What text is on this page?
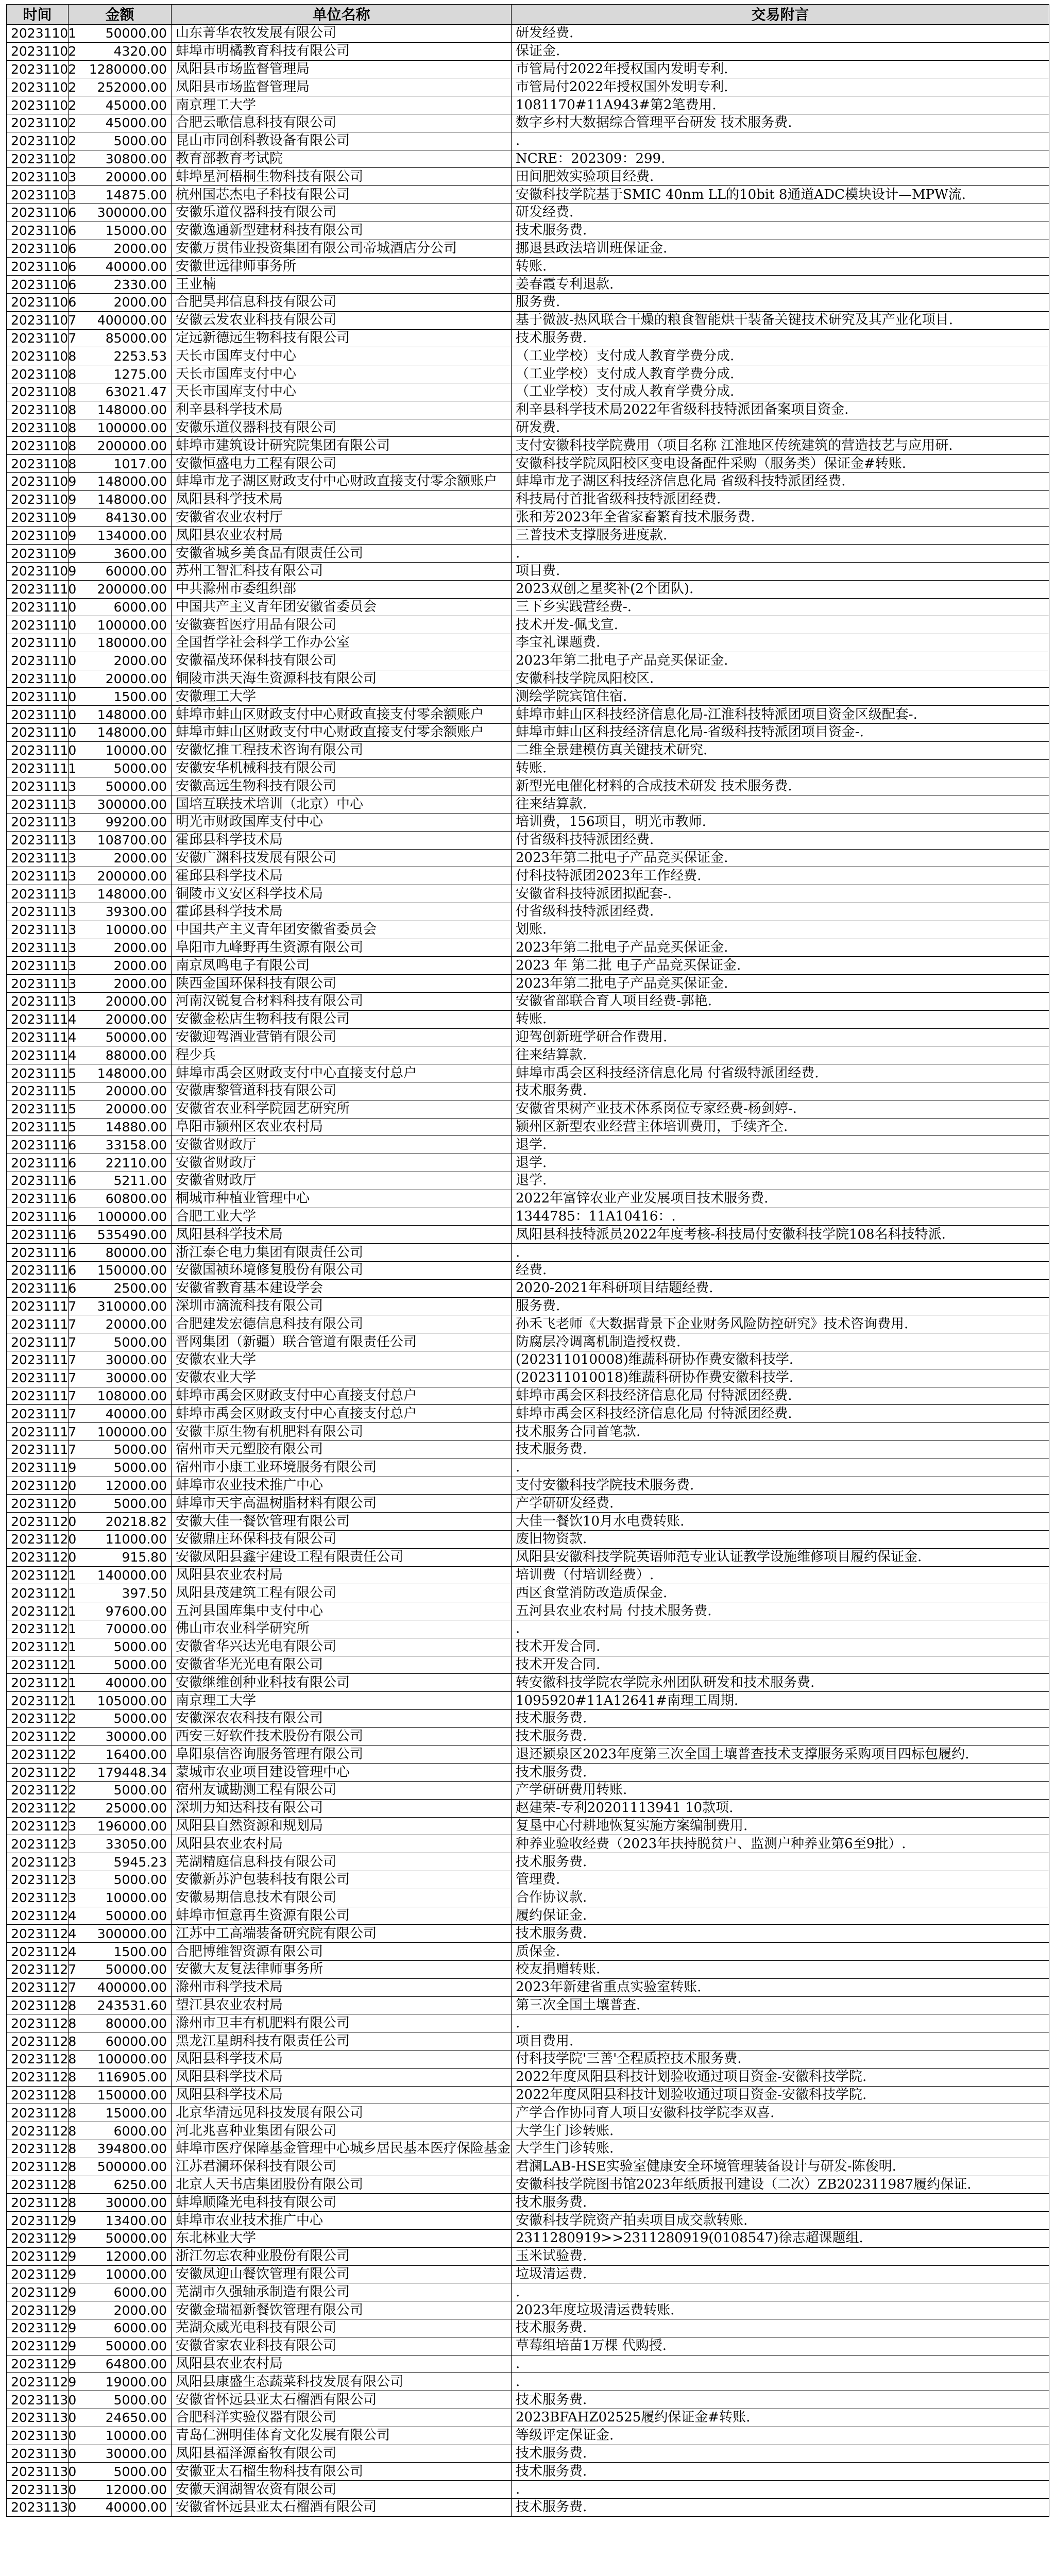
时间	金额	单位名称	交易附言
20231101	50000.00	山东菁华农牧发展有限公司	研发经费.
20231102	4320.00	蚌埠市明橘教育科技有限公司	保证金.
20231102	1280000.00	凤阳县市场监督管理局	市管局付2022年授权国内发明专利.
20231102	252000.00	凤阳县市场监督管理局	市管局付2022年授权国外发明专利.
20231102	45000.00	南京理工大学	1081170#11A943#第2笔费用.
20231102	45000.00	合肥云歌信息科技有限公司	数字乡村大数据综合管理平台研发 技术服务费.
20231102	5000.00	昆山市同创科教设备有限公司	.
20231102	30800.00	教育部教育考试院	NCRE：202309：299.
20231103	20000.00	蚌埠星河梧桐生物科技有限公司	田间肥效实验项目经费.
20231103	14875.00	杭州国芯杰电子科技有限公司	安徽科技学院基于SMIC 40nm LL的10bit 8通道ADC模块设计—MPW流.
20231106	300000.00	安徽乐道仪器科技有限公司	研发经费.
20231106	15000.00	安徽逸通新型建材科技有限公司	技术服务费.
20231106	2000.00	安徽万贯伟业投资集团有限公司帝城酒店分公司	挪退县政法培训班保证金.
20231106	40000.00	安徽世远律师事务所	转账.
20231106	2330.00	王业楠	姜春霞专利退款.
20231106	2000.00	合肥昊邦信息科技有限公司	服务费.
20231107	400000.00	安徽云发农业科技有限公司	基于微波-热风联合干燥的粮食智能烘干装备关键技术研究及其产业化项目.
20231107	85000.00	定远新德远生物科技有限公司	技术服务费.
20231108	2253.53	天长市国库支付中心	（工业学校）支付成人教育学费分成.
20231108	1275.00	天长市国库支付中心	（工业学校）支付成人教育学费分成.
20231108	63021.47	天长市国库支付中心	（工业学校）支付成人教育学费分成.
20231108	148000.00	利辛县科学技术局	利辛县科学技术局2022年省级科技特派团备案项目资金.
20231108	100000.00	安徽乐道仪器科技有限公司	研发费.
20231108	200000.00	蚌埠市建筑设计研究院集团有限公司	支付安徽科技学院费用（项目名称 江淮地区传统建筑的营造技艺与应用研.
20231108	1017.00	安徽恒盛电力工程有限公司	安徽科技学院凤阳校区变电设备配件采购（服务类）保证金#转账.
20231109	148000.00	蚌埠市龙子湖区财政支付中心财政直接支付零余额账户	蚌埠市龙子湖区科技经济信息化局 省级科技特派团经费.
20231109	148000.00	凤阳县科学技术局	科技局付首批省级科技特派团经费.
20231109	84130.00	安徽省农业农村厅	张和芳2023年全省家畜繁育技术服务费.
20231109	134000.00	凤阳县农业农村局	三普技术支撑服务进度款.
20231109	3600.00	安徽省城乡美食品有限责任公司	.
20231109	60000.00	苏州工智汇科技有限公司	项目费.
20231110	200000.00	中共滁州市委组织部	2023双创之星奖补(2个团队).
20231110	6000.00	中国共产主义青年团安徽省委员会	三下乡实践营经费-.
20231110	100000.00	安徽赛哲医疗用品有限公司	技术开发-佩戈宣.
20231110	180000.00	全国哲学社会科学工作办公室	李宝礼课题费.
20231110	2000.00	安徽福茂环保科技有限公司	2023年第二批电子产品竞买保证金.
20231110	20000.00	铜陵市洪天海生资源科技有限公司	安徽科技学院凤阳校区.
20231110	1500.00	安徽理工大学	测绘学院宾馆住宿.
20231110	148000.00	蚌埠市蚌山区财政支付中心财政直接支付零余额账户	蚌埠市蚌山区科技经济信息化局-江淮科技特派团项目资金区级配套-.
20231110	148000.00	蚌埠市蚌山区财政支付中心财政直接支付零余额账户	蚌埠市蚌山区科技经济信息化局-省级科技特派团项目资金-.
20231110	10000.00	安徽忆推工程技术咨询有限公司	二维全景建模仿真关键技术研究.
20231111	5000.00	安徽安华机械科技有限公司	转账.
20231113	50000.00	安徽高远生物科技有限公司	新型光电催化材料的合成技术研发 技术服务费.
20231113	300000.00	国培互联技术培训（北京）中心	往来结算款.
20231113	99200.00	明光市财政国库支付中心	培训费，156项目，明光市教师.
20231113	108700.00	霍邱县科学技术局	付省级科技特派团经费.
20231113	2000.00	安徽广渊科技发展有限公司	2023年第二批电子产品竞买保证金.
20231113	200000.00	霍邱县科学技术局	付科技特派团2023年工作经费.
20231113	148000.00	铜陵市义安区科学技术局	安徽省科技特派团拟配套-.
20231113	39300.00	霍邱县科学技术局	付省级科技特派团经费.
20231113	10000.00	中国共产主义青年团安徽省委员会	划账.
20231113	2000.00	阜阳市九峰野再生资源有限公司	2023年第二批电子产品竞买保证金.
20231113	2000.00	南京凤鸣电子有限公司	2023 年 第二批 电子产品竞买保证金.
20231113	2000.00	陕西金国环保科技有限公司	2023年第二批电子产品竞买保证金.
20231113	20000.00	河南汉锐复合材料科技有限公司	安徽省部联合育人项目经费-郭艳.
20231114	20000.00	安徽金松店生物科技有限公司	转账.
20231114	50000.00	安徽迎驾酒业营销有限公司	迎驾创新班学研合作费用.
20231114	88000.00	程少兵	往来结算款.
20231115	148000.00	蚌埠市禹会区财政支付中心直接支付总户	蚌埠市禹会区科技经济信息化局 付省级特派团经费.
20231115	20000.00	安徽唐黎管道科技有限公司	技术服务费.
20231115	20000.00	安徽省农业科学院园艺研究所	安徽省果树产业技术体系岗位专家经费-杨剑婷-.
20231115	14880.00	阜阳市颍州区农业农村局	颍州区新型农业经营主体培训费用，手续齐全.
20231116	33158.00	安徽省财政厅	退学.
20231116	22110.00	安徽省财政厅	退学.
20231116	5211.00	安徽省财政厅	退学.
20231116	60800.00	桐城市种植业管理中心	2022年富锌农业产业发展项目技术服务费.
20231116	100000.00	合肥工业大学	1344785：11A10416：.
20231116	535490.00	凤阳县科学技术局	凤阳县科技特派员2022年度考核-科技局付安徽科技学院108名科技特派.
20231116	80000.00	浙江泰仑电力集团有限责任公司	.
20231116	150000.00	安徽国祯环境修复股份有限公司	经费.
20231116	2500.00	安徽省教育基本建设学会	2020-2021年科研项目结题经费.
20231117	310000.00	深圳市滴流科技有限公司	服务费.
20231117	20000.00	合肥建发宏德信息科技有限公司	孙禾飞老师《大数据背景下企业财务风险防控研究》技术咨询费用.
20231117	5000.00	晋网集团（新疆）联合管道有限责任公司	防腐层冷调离机制造授权费.
20231117	30000.00	安徽农业大学	(202311010008)维蔬科研协作费安徽科技学.
20231117	30000.00	安徽农业大学	(202311010018)维蔬科研协作费安徽科技学.
20231117	108000.00	蚌埠市禹会区财政支付中心直接支付总户	蚌埠市禹会区科技经济信息化局 付特派团经费.
20231117	40000.00	蚌埠市禹会区财政支付中心直接支付总户	蚌埠市禹会区科技经济信息化局 付特派团经费.
20231117	100000.00	安徽丰原生物有机肥料有限公司	技术服务合同首笔款.
20231117	5000.00	宿州市天元塑胶有限公司	技术服务费.
20231119	5000.00	宿州市小康工业环境服务有限公司	.
20231120	12000.00	蚌埠市农业技术推广中心	支付安徽科技学院技术服务费.
20231120	5000.00	蚌埠市天宇高温树脂材料有限公司	产学研研发经费.
20231120	20218.82	安徽大佳一餐饮管理有限公司	大佳一餐饮10月水电费转账.
20231120	11000.00	安徽鼎庄环保科技有限公司	废旧物资款.
20231120	915.80	安徽凤阳县鑫宇建设工程有限责任公司	凤阳县安徽科技学院英语师范专业认证教学设施维修项目履约保证金.
20231121	140000.00	凤阳县农业农村局	培训费（付培训经费）.
20231121	397.50	凤阳县茂建筑工程有限公司	西区食堂消防改造质保金.
20231121	97600.00	五河县国库集中支付中心	五河县农业农村局 付技术服务费.
20231121	70000.00	佛山市农业科学研究所	.
20231121	5000.00	安徽省华兴达光电有限公司	技术开发合同.
20231121	5000.00	安徽省华光光电有限公司	技术开发合同.
20231121	40000.00	安徽继维创种业科技有限公司	转安徽科技学院农学院永州团队研发和技术服务费.
20231121	105000.00	南京理工大学	1095920#11A12641#南理工周期.
20231122	5000.00	安徽深农农科技有限公司	技术服务费.
20231122	30000.00	西安三好软件技术股份有限公司	技术服务费.
20231122	16400.00	阜阳泉信咨询服务管理有限公司	退还颍泉区2023年度第三次全国土壤普查技术支撑服务采购项目四标包履约.
20231122	179448.34	蒙城市农业项目建设管理中心	技术服务费.
20231122	5000.00	宿州友诚勘测工程有限公司	产学研研费用转账.
20231122	25000.00	深圳力知达科技有限公司	赵建荣-专利20201113941 10款项.
20231123	196000.00	凤阳县自然资源和规划局	复垦中心付耕地恢复实施方案编制费用.
20231123	33050.00	凤阳县农业农村局	种养业验收经费（2023年扶持脱贫户、监测户种养业第6至9批）.
20231123	5945.23	芜湖精庭信息科技有限公司	技术服务费.
20231123	5000.00	安徽新苏沪包装科技有限公司	管理费.
20231123	10000.00	安徽易期信息技术有限公司	合作协议款.
20231124	50000.00	蚌埠市恒意再生资源有限公司	履约保证金.
20231124	300000.00	江苏中工高端装备研究院有限公司	技术服务费.
20231124	1500.00	合肥博维智资源有限公司	质保金.
20231127	50000.00	安徽大友复法律师事务所	校友捐赠转账.
20231127	400000.00	滁州市科学技术局	2023年新建省重点实验室转账.
20231128	243531.60	望江县农业农村局	第三次全国土壤普查.
20231128	80000.00	滁州市卫丰有机肥料有限公司	.
20231128	60000.00	黑龙江星朗科技有限责任公司	项目费用.
20231128	100000.00	凤阳县科学技术局	付科技学院'三善'全程质控技术服务费.
20231128	116905.00	凤阳县科学技术局	2022年度凤阳县科技计划验收通过项目资金-安徽科技学院.
20231128	150000.00	凤阳县科学技术局	2022年度凤阳县科技计划验收通过项目资金-安徽科技学院.
20231128	15000.00	北京华清远见科技发展有限公司	产学合作协同育人项目安徽科技学院李双喜.
20231128	6000.00	河北兆喜种业集团有限公司	大学生门诊转账.
20231128	394800.00	蚌埠市医疗保障基金管理中心城乡居民基本医疗保险基金	大学生门诊转账.
20231128	500000.00	江苏君澜环保科技有限公司	君澜LAB-HSE实验室健康安全环境管理装备设计与研发-陈俊明.
20231128	6250.00	北京人天书店集团股份有限公司	安徽科技学院图书馆2023年纸质报刊建设（二次）ZB202311987履约保证.
20231128	30000.00	蚌埠顺隆光电科技有限公司	技术服务费.
20231129	13400.00	蚌埠市农业技术推广中心	安徽科技学院资产拍卖项目成交款转账.
20231129	50000.00	东北林业大学	2311280919>>2311280919(0108547)徐志超课题组.
20231129	12000.00	浙江勿忘农种业股份有限公司	玉米试验费.
20231129	10000.00	安徽凤迎山餐饮管理有限公司	垃圾清运费.
20231129	6000.00	芜湖市久强轴承制造有限公司	.
20231129	2000.00	安徽金瑞福新餐饮管理有限公司	2023年度垃圾清运费转账.
20231129	6000.00	芜湖众威光电科技有限公司	技术服务费.
20231129	50000.00	安徽省家农业科技有限公司	草莓组培苗1万棵 代购授.
20231129	64800.00	凤阳县农业农村局	.
20231129	19000.00	凤阳县康盛生态蔬菜科技发展有限公司	.
20231130	5000.00	安徽省怀远县亚太石榴酒有限公司	技术服务费.
20231130	24650.00	合肥科洋实验仪器有限公司	2023BFAHZ02525履约保证金#转账.
20231130	10000.00	青岛仁洲明佳体育文化发展有限公司	等级评定保证金.
20231130	30000.00	凤阳县福泽源畜牧有限公司	技术服务费.
20231130	5000.00	安徽亚太石榴生物科技有限公司	技术服务费.
20231130	12000.00	安徽天润湖智农资有限公司	.
20231130	40000.00	安徽省怀远县亚太石榴酒有限公司	技术服务费.
